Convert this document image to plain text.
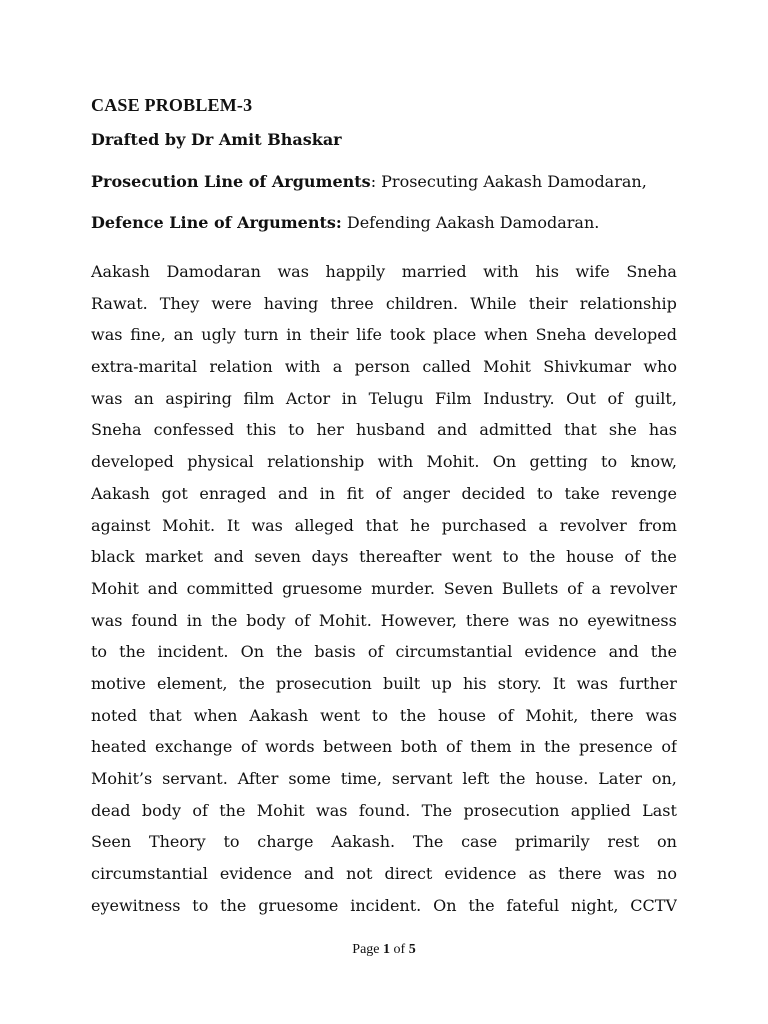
CASE PROBLEM-3

Drafted by Dr Amit Bhaskar

Prosecution Line of Arguments: Prosecuting Aakash Damodaran,

Defence Line of Arguments: Defending Aakash Damodaran.

Aakash Damodaran was happily married with his wife Sneha
Rawat. They were having three children. While their relationship
was fine, an ugly turn in their life took place when Sneha developed
extra-marital relation with a person called Mohit Shivkumar who
was an aspiring film Actor in Telugu Film Industry. Out of guilt,
Sneha confessed this to her husband and admitted that she has
developed physical relationship with Mohit. On getting to know,
Aakash got enraged and in fit of anger decided to take revenge
against Mohit. It was alleged that he purchased a revolver from
black market and seven days thereafter went to the house of the
Mohit and committed gruesome murder. Seven Bullets of a revolver
was found in the body of Mohit. However, there was no eyewitness
to the incident. On the basis of circumstantial evidence and the
motive element, the prosecution built up his story. It was further
noted that when Aakash went to the house of Mohit, there was
heated exchange of words between both of them in the presence of
Mohit’s servant. After some time, servant left the house. Later on,
dead body of the Mohit was found. The prosecution applied Last
Seen Theory to charge Aakash. The case primarily rest on
circumstantial evidence and not direct evidence as there was no
eyewitness to the gruesome incident. On the fateful night, CCTV
Page 1 of 5
